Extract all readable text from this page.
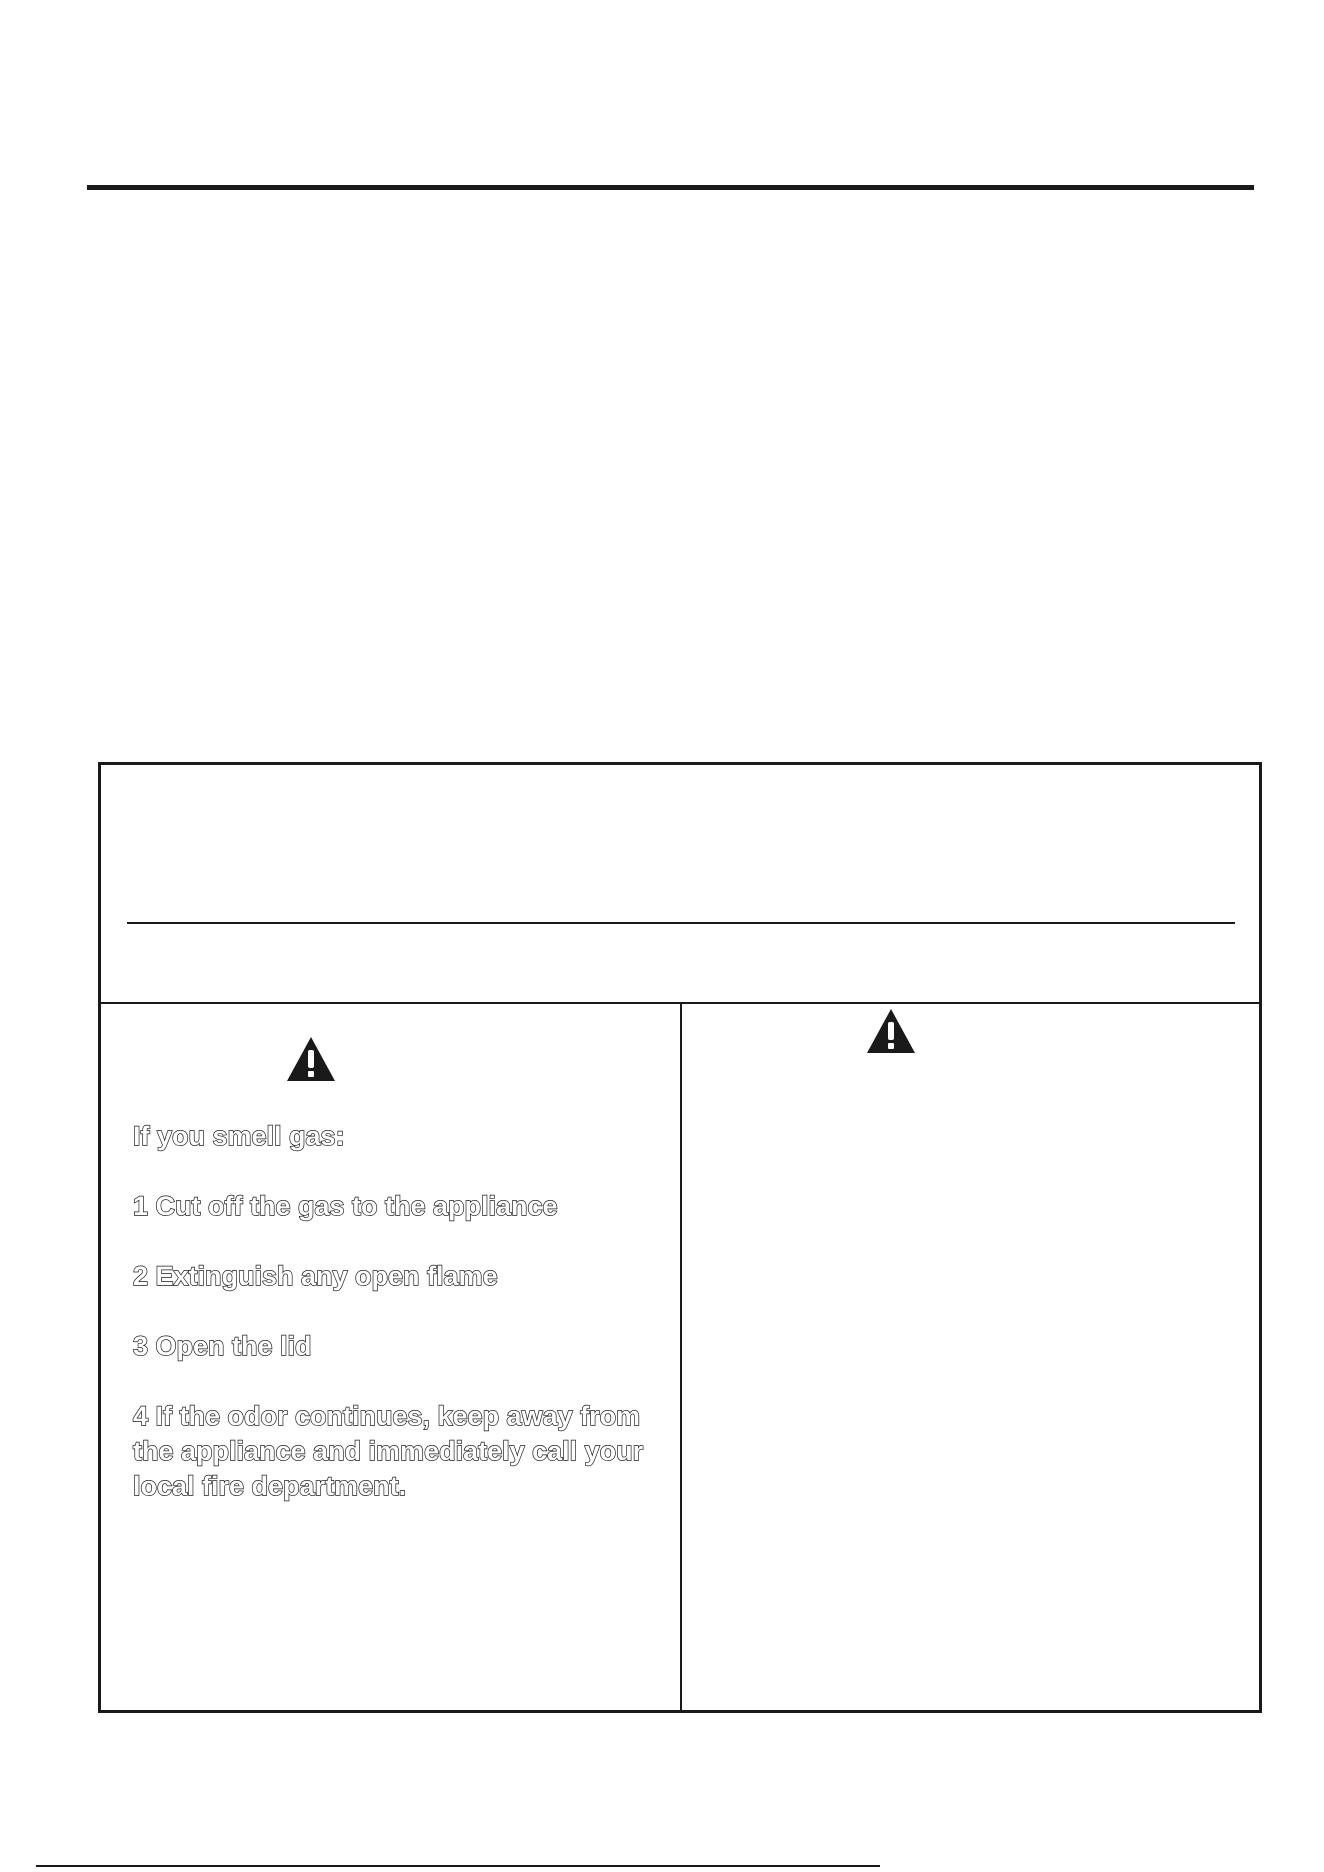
If you smell gas:

1 Cut off the gas to the appliance

2 Extinguish any open flame

3 Open the lid

4 If the odor continues, keep away from the appliance and immediately call your local fire department.
